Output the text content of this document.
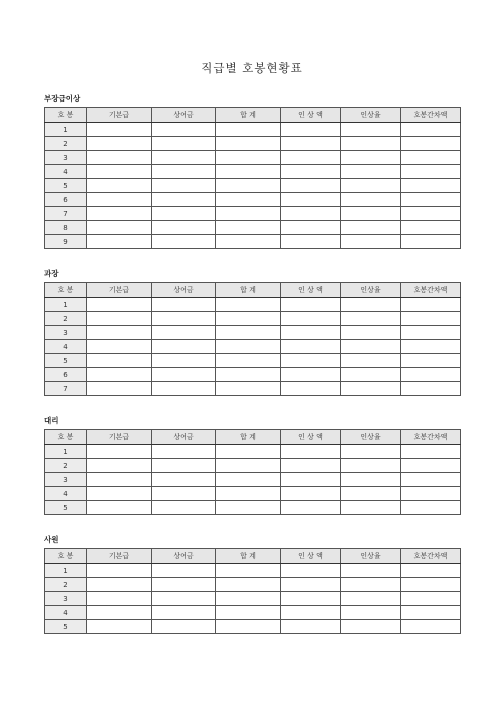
직급별 호봉현황표
부장급이상
호 봉	기본급	상여금	합 계	인 상 액	인상율	호봉간차액
1						
2						
3						
4						
5						
6						
7						
8						
9						
과장
호 봉	기본급	상여금	합 계	인 상 액	인상율	호봉간차액
1						
2						
3						
4						
5						
6						
7						
대리
호 봉	기본급	상여금	합 계	인 상 액	인상율	호봉간차액
1						
2						
3						
4						
5						
사원
호 봉	기본급	상여금	합 계	인 상 액	인상율	호봉간차액
1						
2						
3						
4						
5						
